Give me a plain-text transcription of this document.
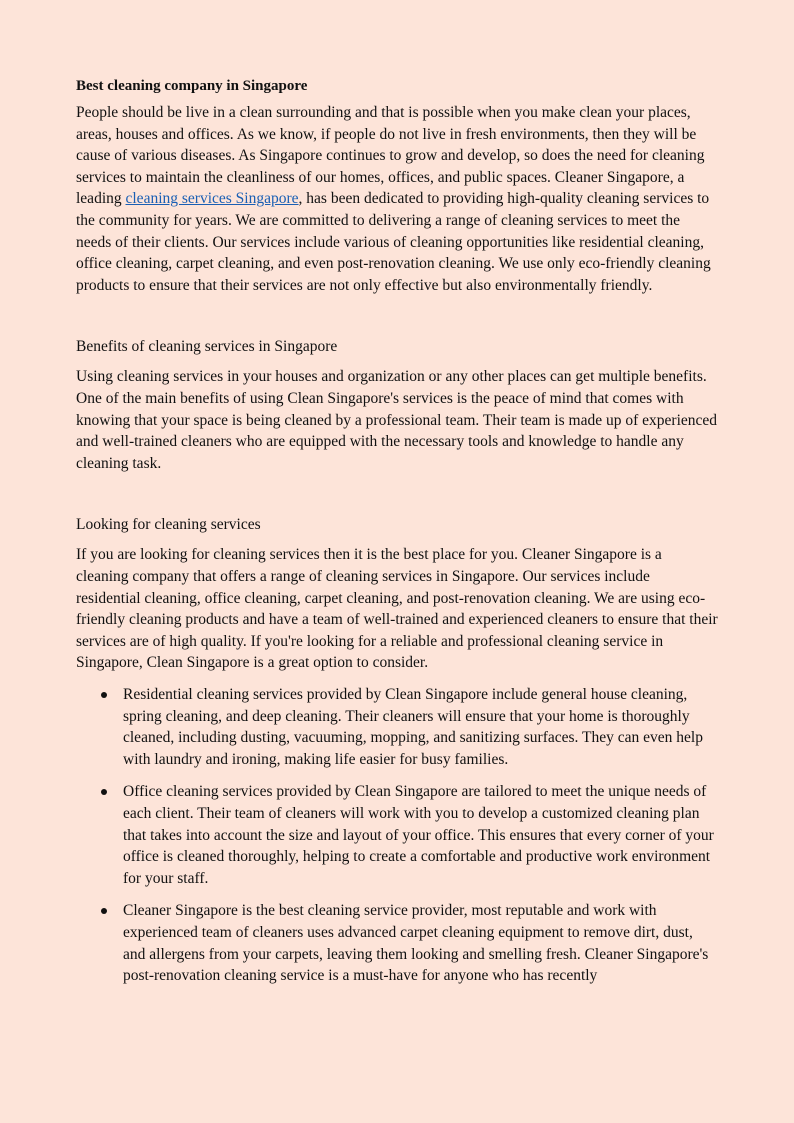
Best cleaning company in Singapore

People should be live in a clean surrounding and that is possible when you make clean your places, areas, houses and offices. As we know, if people do not live in fresh environments, then they will be cause of various diseases. As Singapore continues to grow and develop, so does the need for cleaning services to maintain the cleanliness of our homes, offices, and public spaces. Cleaner Singapore, a leading cleaning services Singapore, has been dedicated to providing high-quality cleaning services to the community for years. We are committed to delivering a range of cleaning services to meet the needs of their clients. Our services include various of cleaning opportunities like residential cleaning, office cleaning, carpet cleaning, and even post-renovation cleaning. We use only eco-friendly cleaning products to ensure that their services are not only effective but also environmentally friendly.

Benefits of cleaning services in Singapore

Using cleaning services in your houses and organization or any other places can get multiple benefits. One of the main benefits of using Clean Singapore's services is the peace of mind that comes with knowing that your space is being cleaned by a professional team. Their team is made up of experienced and well-trained cleaners who are equipped with the necessary tools and knowledge to handle any cleaning task.

Looking for cleaning services

If you are looking for cleaning services then it is the best place for you. Cleaner Singapore is a cleaning company that offers a range of cleaning services in Singapore. Our services include residential cleaning, office cleaning, carpet cleaning, and post-renovation cleaning. We are using eco-friendly cleaning products and have a team of well-trained and experienced cleaners to ensure that their services are of high quality. If you're looking for a reliable and professional cleaning service in Singapore, Clean Singapore is a great option to consider.

Residential cleaning services provided by Clean Singapore include general house cleaning, spring cleaning, and deep cleaning. Their cleaners will ensure that your home is thoroughly cleaned, including dusting, vacuuming, mopping, and sanitizing surfaces. They can even help with laundry and ironing, making life easier for busy families.
Office cleaning services provided by Clean Singapore are tailored to meet the unique needs of each client. Their team of cleaners will work with you to develop a customized cleaning plan that takes into account the size and layout of your office. This ensures that every corner of your office is cleaned thoroughly, helping to create a comfortable and productive work environment for your staff.
Cleaner Singapore is the best cleaning service provider, most reputable and work with experienced team of cleaners uses advanced carpet cleaning equipment to remove dirt, dust, and allergens from your carpets, leaving them looking and smelling fresh. Cleaner Singapore's post-renovation cleaning service is a must-have for anyone who has recently
